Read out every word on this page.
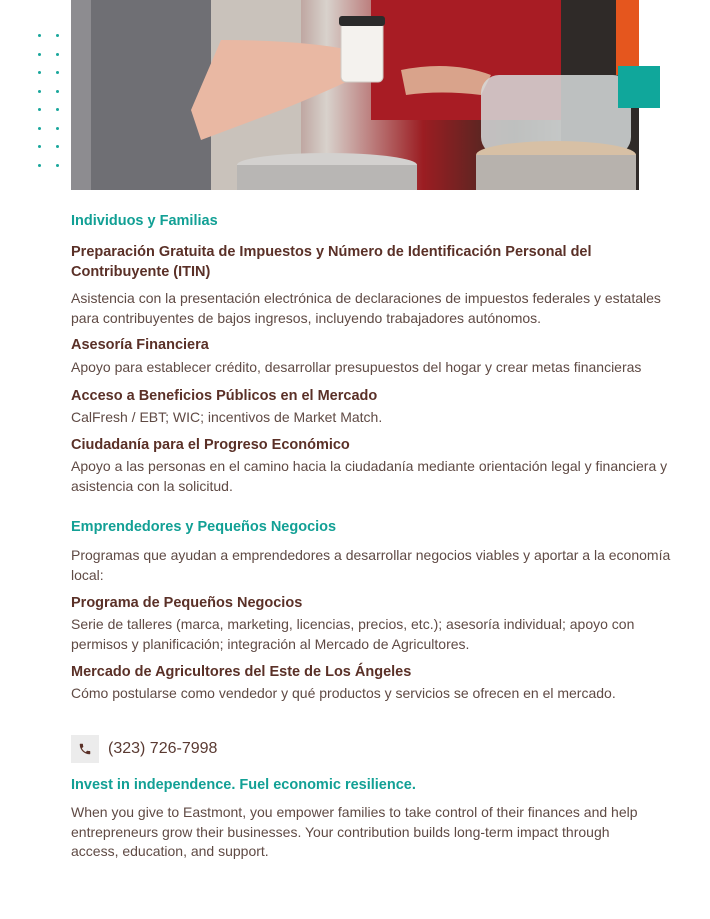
Individuos y Familias

Preparación Gratuita de Impuestos y Número de Identificación Personal del Contribuyente (ITIN)

Asistencia con la presentación electrónica de declaraciones de impuestos federales y estatales para contribuyentes de bajos ingresos, incluyendo trabajadores autónomos.

Asesoría Financiera

Apoyo para establecer crédito, desarrollar presupuestos del hogar y crear metas financieras

Acceso a Beneficios Públicos en el Mercado

CalFresh / EBT; WIC; incentivos de Market Match.

Ciudadanía para el Progreso Económico

Apoyo a las personas en el camino hacia la ciudadanía mediante orientación legal y financiera y asistencia con la solicitud.

Emprendedores y Pequeños Negocios

Programas que ayudan a emprendedores a desarrollar negocios viables y aportar a la economía local:

Programa de Pequeños Negocios

Serie de talleres (marca, marketing, licencias, precios, etc.); asesoría individual; apoyo con permisos y planificación; integración al Mercado de Agricultores.

Mercado de Agricultores del Este de Los Ángeles

Cómo postularse como vendedor y qué productos y servicios se ofrecen en el mercado.

(323) 726-7998

Invest in independence. Fuel economic resilience.

When you give to Eastmont, you empower families to take control of their finances and help entrepreneurs grow their businesses. Your contribution builds long-term impact through access, education, and support.
